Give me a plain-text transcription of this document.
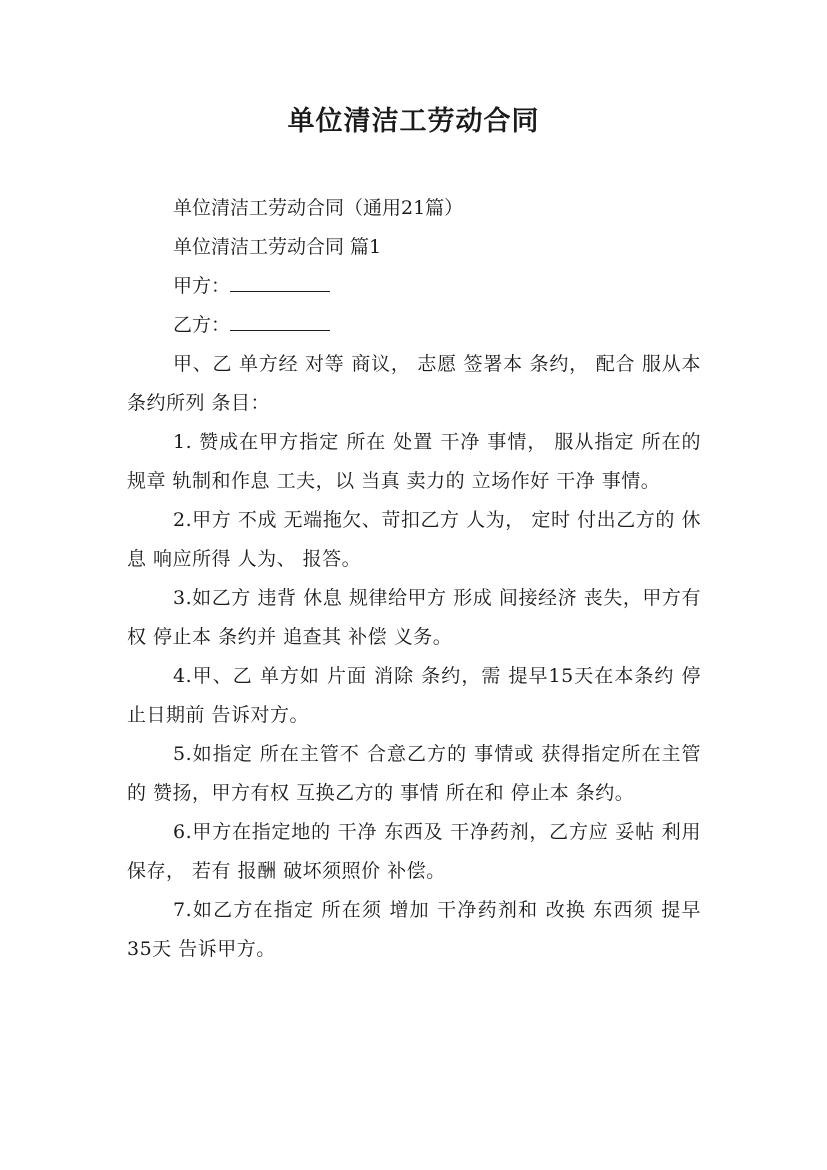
单位清洁工劳动合同

单位清洁工劳动合同（通用21篇）

单位清洁工劳动合同 篇1

甲方：

乙方：

甲、乙 单方经 对等 商议， 志愿 签署本 条约， 配合 服从本 条约所列 条目：

1. 赞成在甲方指定 所在 处置 干净 事情， 服从指定 所在的规章 轨制和作息 工夫，以 当真 卖力的 立场作好 干净 事情。

2.甲方 不成 无端拖欠、苛扣乙方 人为， 定时 付出乙方的 休息 响应所得 人为、 报答。

3.如乙方 违背 休息 规律给甲方 形成 间接经济 丧失，甲方有权 停止本 条约并 追查其 补偿 义务。

4.甲、乙 单方如 片面 消除 条约，需 提早15天在本条约 停止日期前 告诉对方。

5.如指定 所在主管不 合意乙方的 事情或 获得指定所在主管的 赞扬，甲方有权 互换乙方的 事情 所在和 停止本 条约。

6.甲方在指定地的 干净 东西及 干净药剂，乙方应 妥帖 利用 保存， 若有 报酬 破坏须照价 补偿。

7.如乙方在指定 所在须 增加 干净药剂和 改换 东西须 提早35天 告诉甲方。
